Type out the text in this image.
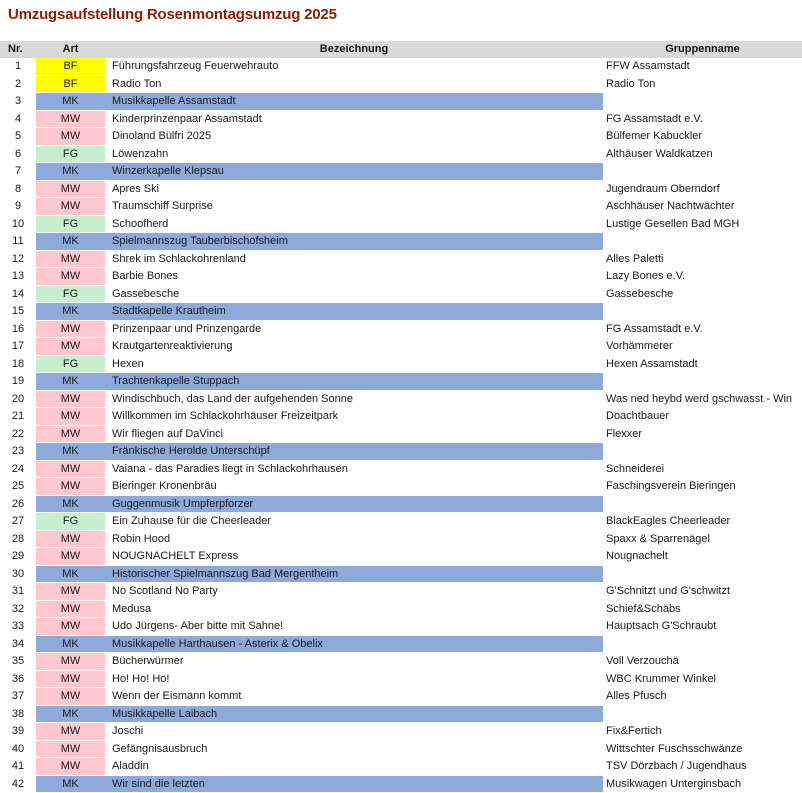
Umzugsaufstellung Rosenmontagsumzug 2025
Nr.	Art	Bezeichnung	Gruppenname
1	BF	Führungsfahrzeug Feuerwehrauto	FFW Assamstadt
2	BF	Radio Ton	Radio Ton
3	MK	Musikkapelle Assamstadt
4	MW	Kinderprinzenpaar Assamstadt	FG Assamstadt e.V.
5	MW	Dinoland Bülfri 2025	Bülfemer Kabuckler
6	FG	Löwenzahn	Althäuser Waldkatzen
7	MK	Winzerkapelle Klepsau
8	MW	Apres Ski	Jugendraum Oberndorf
9	MW	Traumschiff Surprise	Aschhäuser Nachtwächter
10	FG	Schoofherd	Lustige Gesellen Bad MGH
11	MK	Spielmannszug Tauberbischofsheim
12	MW	Shrek im Schlackohrenland	Alles Paletti
13	MW	Barbie Bones	Lazy Bones e.V.
14	FG	Gassebesche	Gassebesche
15	MK	Stadtkapelle Krautheim
16	MW	Prinzenpaar und Prinzengarde	FG Assamstadt e.V.
17	MW	Krautgartenreaktivierung	Vorhämmerer
18	FG	Hexen	Hexen Assamstadt
19	MK	Trachtenkapelle Stuppach
20	MW	Windischbuch, das Land der aufgehenden Sonne	Was ned heybd werd gschwasst - Win
21	MW	Willkommen im Schlackohrhäuser Freizeitpark	Doachtbauer
22	MW	Wir fliegen auf DaVinci	Flexxer
23	MK	Fränkische Herolde Unterschüpf
24	MW	Vaiana - das Paradies liegt in Schlackohrhausen	Schneiderei
25	MW	Bieringer Kronenbräu	Faschingsverein Bieringen
26	MK	Guggenmusik Umpferpforzer
27	FG	Ein Zuhause für die Cheerleader	BlackEagles Cheerleader
28	MW	Robin Hood	Spaxx & Sparrenägel
29	MW	NOUGNACHELT Express	Nougnachelt
30	MK	Historischer Spielmannszug Bad Mergentheim
31	MW	No Scotland No Party	G'Schnitzt und G'schwitzt
32	MW	Medusa	Schief&Schäbs
33	MW	Udo Jürgens- Aber bitte mit Sahne!	Hauptsach G'Schraubt
34	MK	Musikkapelle Harthausen - Asterix & Obelix
35	MW	Bücherwürmer	Voll Verzouchä
36	MW	Ho! Ho! Ho!	WBC Krummer Winkel
37	MW	Wenn der Eismann kommt	Alles Pfusch
38	MK	Musikkapelle Laibach
39	MW	Joschi	Fix&Fertich
40	MW	Gefängnisausbruch	Wittschter Fuschsschwänze
41	MW	Aladdin	TSV Dörzbach / Jugendhaus
42	MK	Wir sind die letzten	Musikwagen Unterginsbach
